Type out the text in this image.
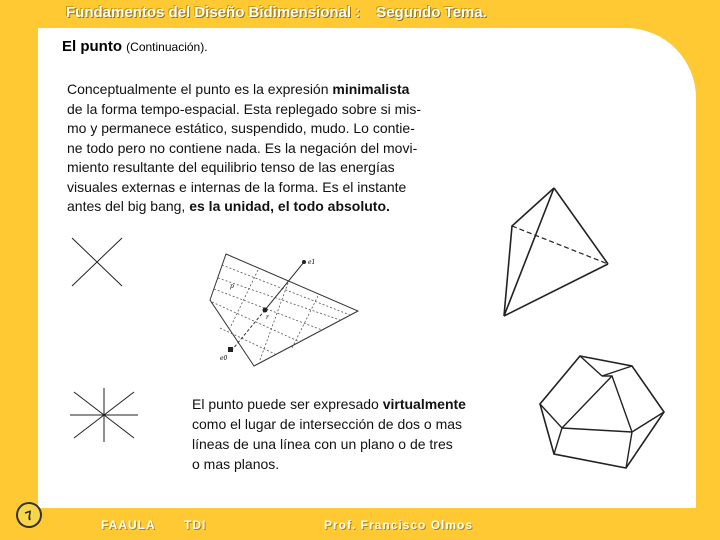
Fundamentos del Diseño Bidimensional : Segundo Tema.
El punto (Continuación).
Conceptualmente el punto es la expresión minimalista
de la forma tempo-espacial. Esta replegado sobre si mis-
mo y permanece estático, suspendido, mudo. Lo contie-
ne todo pero no contiene nada. Es la negación del movi-
miento resultante del equilibrio tenso de las energías
visuales externas e internas de la forma. Es el instante
antes del big bang, es la unidad, el todo absoluto.
El punto puede ser expresado virtualmente
como el lugar de intersección de dos o mas
líneas de una línea con un plano o de tres
o mas planos.
e1
e0
p
r
7
FAAULA TDI	Prof. Francisco Olmos
